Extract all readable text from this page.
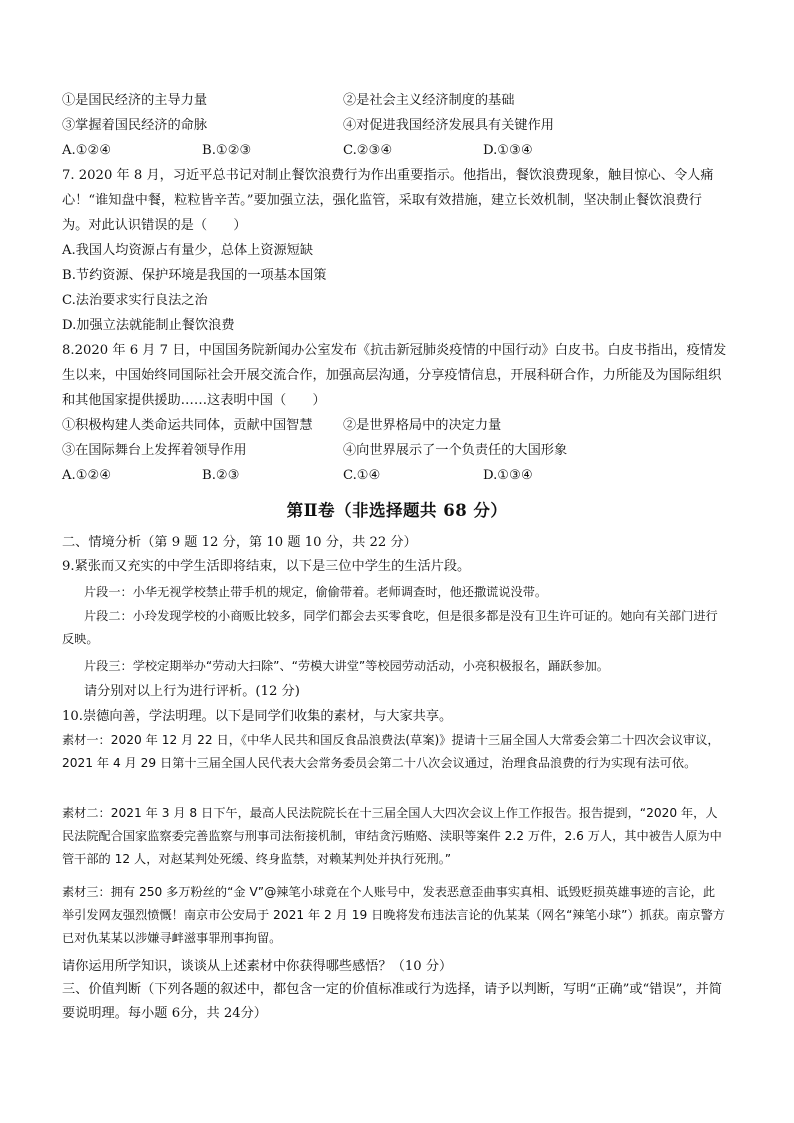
①是国民经济的主导力量	②是社会主义经济制度的基础
③掌握着国民经济的命脉	④对促进我国经济发展具有关键作用
A.①②④	B.①②③	C.②③④	D.①③④
7. 2020 年 8 月，习近平总书记对制止餐饮浪费行为作出重要指示。他指出，餐饮浪费现象，触目惊心、令人痛心！“谁知盘中餐，粒粒皆辛苦。”要加强立法，强化监管，采取有效措施，建立长效机制，坚决制止餐饮浪费行为。对此认识错误的是（　　）
A.我国人均资源占有量少，总体上资源短缺
B.节约资源、保护环境是我国的一项基本国策
C.法治要求实行良法之治
D.加强立法就能制止餐饮浪费
8.2020 年 6 月 7 日，中国国务院新闻办公室发布《抗击新冠肺炎疫情的中国行动》白皮书。白皮书指出，疫情发生以来，中国始终同国际社会开展交流合作，加强高层沟通，分享疫情信息，开展科研合作，力所能及为国际组织和其他国家提供援助……这表明中国（　　）
①积极构建人类命运共同体，贡献中国智慧 ②是世界格局中的决定力量
③在国际舞台上发挥着领导作用	④向世界展示了一个负责任的大国形象
A.①②④	B.②③	C.①④	D.①③④
第Ⅱ卷（非选择题共 68 分）
二、情境分析（第 9 题 12 分，第 10 题 10 分，共 22 分）
9.紧张而又充实的中学生活即将结束，以下是三位中学生的生活片段。
片段一：小华无视学校禁止带手机的规定，偷偷带着。老师调查时，他还撒谎说没带。
片段二：小玲发现学校的小商贩比较多，同学们都会去买零食吃，但是很多都是没有卫生许可证的。她向有关部门进行反映。
片段三：学校定期举办“劳动大扫除”、“劳模大讲堂”等校园劳动活动，小亮积极报名，踊跃参加。
请分别对以上行为进行评析。(12 分)
10.崇德向善，学法明理。以下是同学们收集的素材，与大家共享。
素材一：2020 年 12 月 22 日，《中华人民共和国反食品浪费法(草案)》提请十三届全国人大常委会第二十四次会议审议，2021 年 4 月 29 日第十三届全国人民代表大会常务委员会第二十八次会议通过，治理食品浪费的行为实现有法可依。
素材二：2021 年 3 月 8 日下午，最高人民法院院长在十三届全国人大四次会议上作工作报告。报告提到，“2020 年，人民法院配合国家监察委完善监察与刑事司法衔接机制，审结贪污贿赂、渎职等案件 2.2 万件，2.6 万人，其中被告人原为中管干部的 12 人，对赵某判处死缓、终身监禁，对赖某判处并执行死刑。”
素材三：拥有 250 多万粉丝的“金 V”@辣笔小球竟在个人账号中，发表恶意歪曲事实真相、诋毁贬损英雄事迹的言论，此举引发网友强烈愤慨！南京市公安局于 2021 年 2 月 19 日晚将发布违法言论的仇某某（网名“辣笔小球”）抓获。南京警方已对仇某某以涉嫌寻衅滋事罪刑事拘留。
请你运用所学知识，谈谈从上述素材中你获得哪些感悟？（10 分）
三、价值判断（下列各题的叙述中，都包含一定的价值标准或行为选择，请予以判断，写明“正确”或“错误”，并简要说明理。每小题 6分，共 24分）
